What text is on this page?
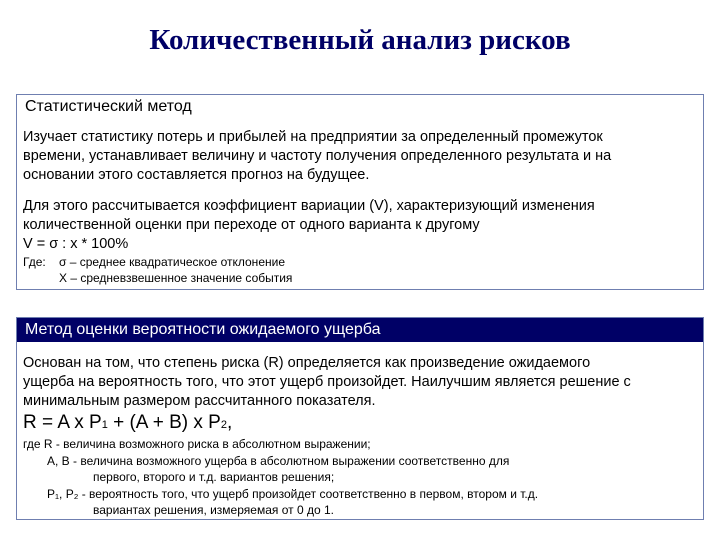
Количественный анализ рисков
Статистический метод
Изучает статистику потерь и прибылей на предприятии за определенный промежуток
времени, устанавливает величину и частоту получения определенного результата и на
основании этого составляется прогноз на будущее.
Для этого рассчитывается коэффициент вариации (V), характеризующий изменения
количественной оценки при переходе от одного варианта к другому
V = σ : x * 100%
Где: σ – среднее квадратическое отклонение
X – средневзвешенное значение события
Метод оценки вероятности ожидаемого ущерба
Основан на том, что степень риска (R) определяется как произведение ожидаемого
ущерба на вероятность того, что этот ущерб произойдет. Наилучшим является решение с
минимальным размером рассчитанного показателя.
R = A x P1 + (A + B) x P2,
где R - величина возможного риска в абсолютном выражении;
А, В - величина возможного ущерба в абсолютном выражении соответственно для
первого, второго и т.д. вариантов решения;
P₁, P₂ - вероятность того, что ущерб произойдет соответственно в первом, втором и т.д.
вариантах решения, измеряемая от 0 до 1.
